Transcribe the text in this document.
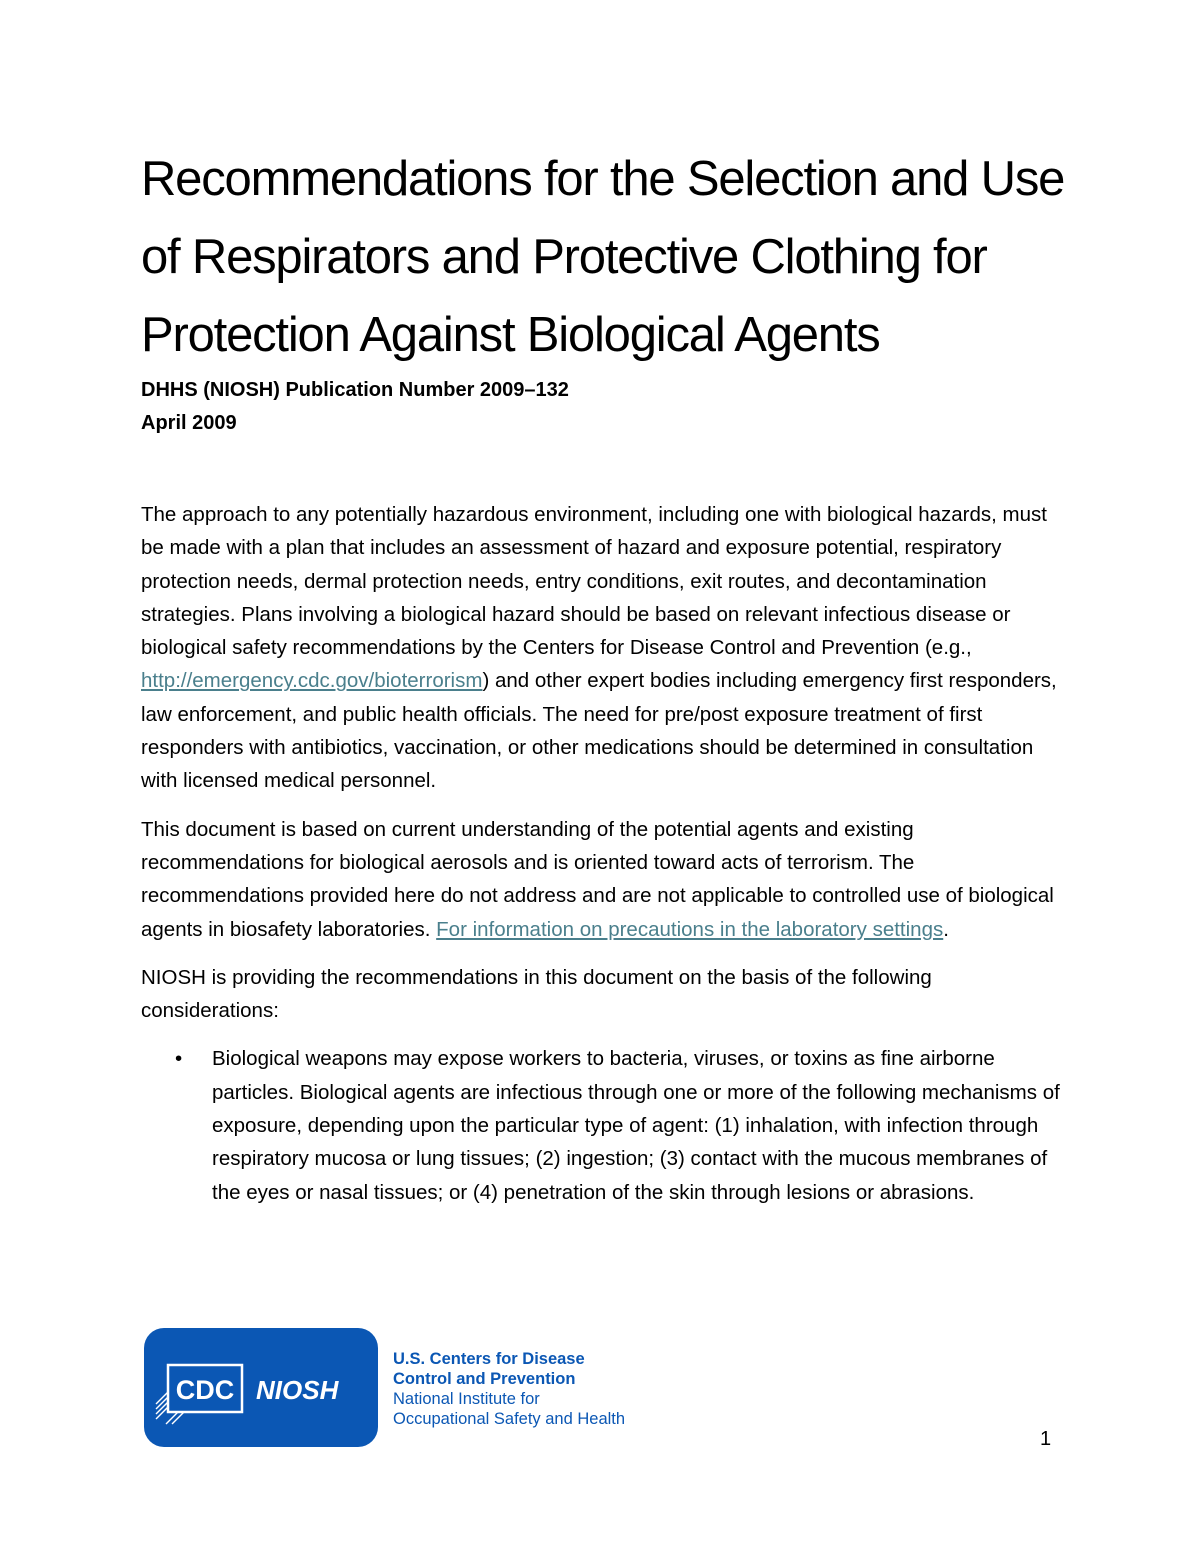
Recommendations for the Selection and Use of Respirators and Protective Clothing for Protection Against Biological Agents
DHHS (NIOSH) Publication Number 2009–132
April 2009

The approach to any potentially hazardous environment, including one with biological hazards, must be made with a plan that includes an assessment of hazard and exposure potential, respiratory protection needs, dermal protection needs, entry conditions, exit routes, and decontamination strategies. Plans involving a biological hazard should be based on relevant infectious disease or biological safety recommendations by the Centers for Disease Control and Prevention (e.g., http://emergency.cdc.gov/bioterrorism) and other expert bodies including emergency first responders, law enforcement, and public health officials. The need for pre/post exposure treatment of first responders with antibiotics, vaccination, or other medications should be determined in consultation with licensed medical personnel.

This document is based on current understanding of the potential agents and existing recommendations for biological aerosols and is oriented toward acts of terrorism. The recommendations provided here do not address and are not applicable to controlled use of biological agents in biosafety laboratories. For information on precautions in the laboratory settings.

NIOSH is providing the recommendations in this document on the basis of the following considerations:

• Biological weapons may expose workers to bacteria, viruses, or toxins as fine airborne particles. Biological agents are infectious through one or more of the following mechanisms of exposure, depending upon the particular type of agent: (1) inhalation, with infection through respiratory mucosa or lung tissues; (2) ingestion; (3) contact with the mucous membranes of the eyes or nasal tissues; or (4) penetration of the skin through lesions or abrasions.
CDC NIOSH
U.S. Centers for Disease
Control and Prevention
National Institute for
Occupational Safety and Health
1
